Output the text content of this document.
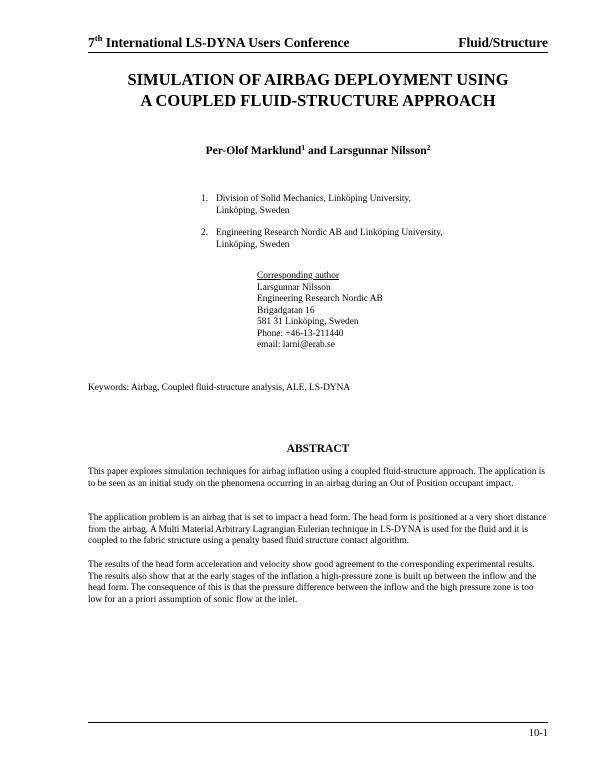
7th International LS-DYNA Users Conference	Fluid/Structure
SIMULATION OF AIRBAG DEPLOYMENT USING
A COUPLED FLUID-STRUCTURE APPROACH
Per-Olof Marklund$^1$ and Larsgunnar Nilsson$^2$
1. Division of Solid Mechanics, Linköping University,
Linköping, Sweden
2. Engineering Research Nordic AB and Linköping University,
Linköping, Sweden
Corresponding author
Larsgunnar Nilsson
Engineering Research Nordic AB
Brigadgatan 16
581 31 Linköping, Sweden
Phone: +46-13-211440
email: larni@erab.se
Keywords: Airbag, Coupled fluid-structure analysis, ALE, LS-DYNA
ABSTRACT
This paper explores simulation techniques for airbag inflation using a coupled fluid-structure approach. The application is to be seen as an initial study on the phenomena occurring in an airbag during an Out of Position occupant impact.
The application problem is an airbag that is set to impact a head form. The head form is positioned at a very short distance from the airbag. A Multi Material Arbitrary Lagrangian Eulerian technique in LS-DYNA is used for the fluid and it is coupled to the fabric structure using a penalty based fluid structure contact algorithm.
The results of the head form acceleration and velocity show good agreement to the corresponding experimental results. The results also show that at the early stages of the inflation a high-pressure zone is built up between the inflow and the head form. The consequence of this is that the pressure difference between the inflow and the high pressure zone is too low for an a priori assumption of sonic flow at the inlet.
10-1
